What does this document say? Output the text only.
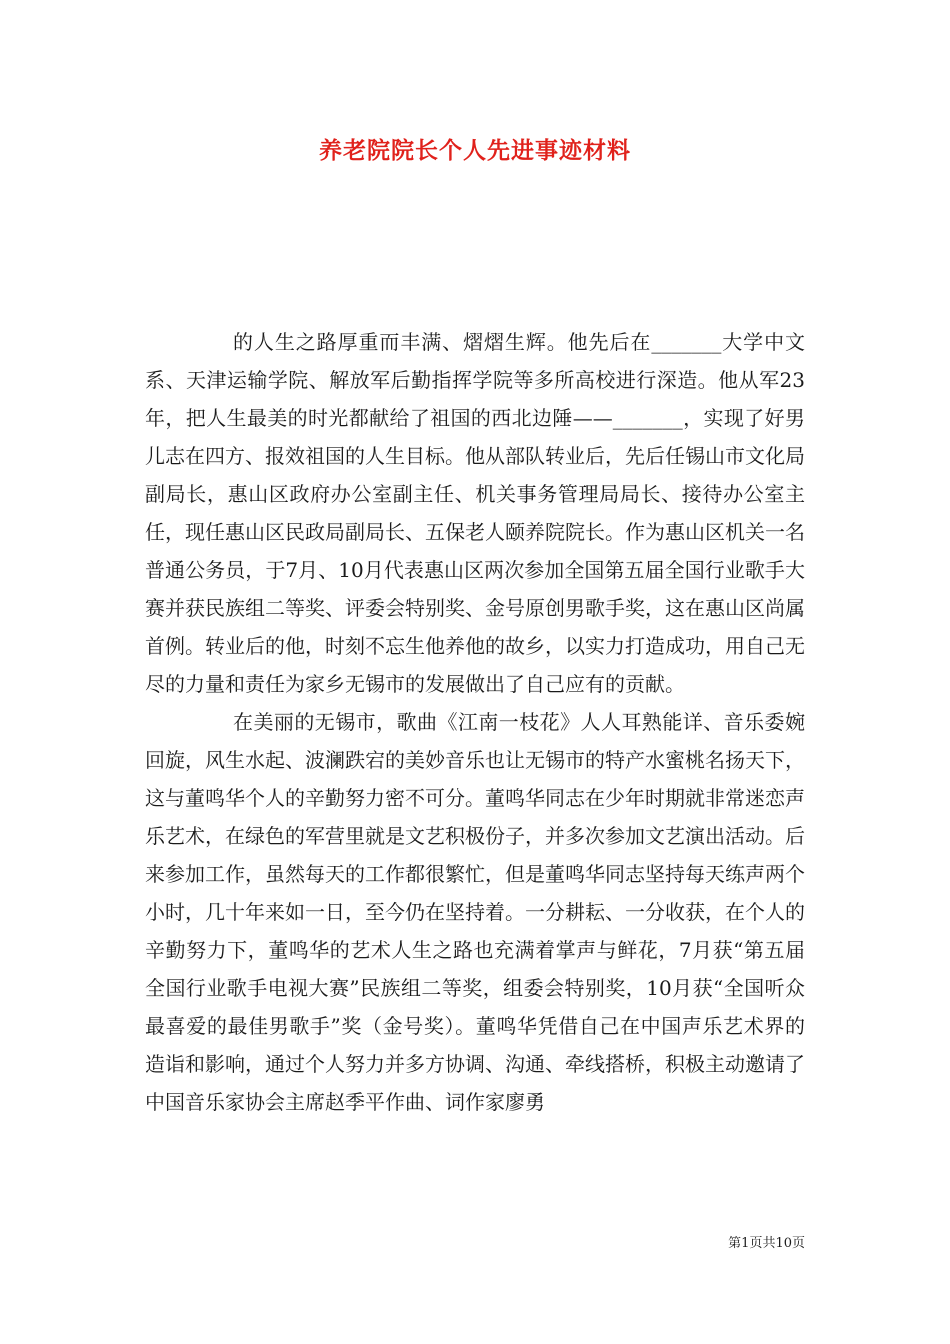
养老院院长个人先进事迹材料

的人生之路厚重而丰满、熠熠生辉。他先后在_______大学中文系、天津运输学院、解放军后勤指挥学院等多所高校进行深造。他从军23年，把人生最美的时光都献给了祖国的西北边陲——_______，实现了好男儿志在四方、报效祖国的人生目标。他从部队转业后，先后任锡山市文化局副局长，惠山区政府办公室副主任、机关事务管理局局长、接待办公室主任，现任惠山区民政局副局长、五保老人颐养院院长。作为惠山区机关一名普通公务员，于7月、10月代表惠山区两次参加全国第五届全国行业歌手大赛并获民族组二等奖、评委会特别奖、金号原创男歌手奖，这在惠山区尚属首例。转业后的他，时刻不忘生他养他的故乡，以实力打造成功，用自己无尽的力量和责任为家乡无锡市的发展做出了自己应有的贡献。

在美丽的无锡市，歌曲《江南一枝花》人人耳熟能详、音乐委婉回旋，风生水起、波澜跌宕的美妙音乐也让无锡市的特产水蜜桃名扬天下，这与董鸣华个人的辛勤努力密不可分。董鸣华同志在少年时期就非常迷恋声乐艺术，在绿色的军营里就是文艺积极份子，并多次参加文艺演出活动。后来参加工作，虽然每天的工作都很繁忙，但是董鸣华同志坚持每天练声两个小时，几十年来如一日，至今仍在坚持着。一分耕耘、一分收获，在个人的辛勤努力下，董鸣华的艺术人生之路也充满着掌声与鲜花，7月获“第五届全国行业歌手电视大赛”民族组二等奖，组委会特别奖，10月获“全国听众最喜爱的最佳男歌手”奖（金号奖）。董鸣华凭借自己在中国声乐艺术界的造诣和影响，通过个人努力并多方协调、沟通、牵线搭桥，积极主动邀请了中国音乐家协会主席赵季平作曲、词作家廖勇

第1页共10页
